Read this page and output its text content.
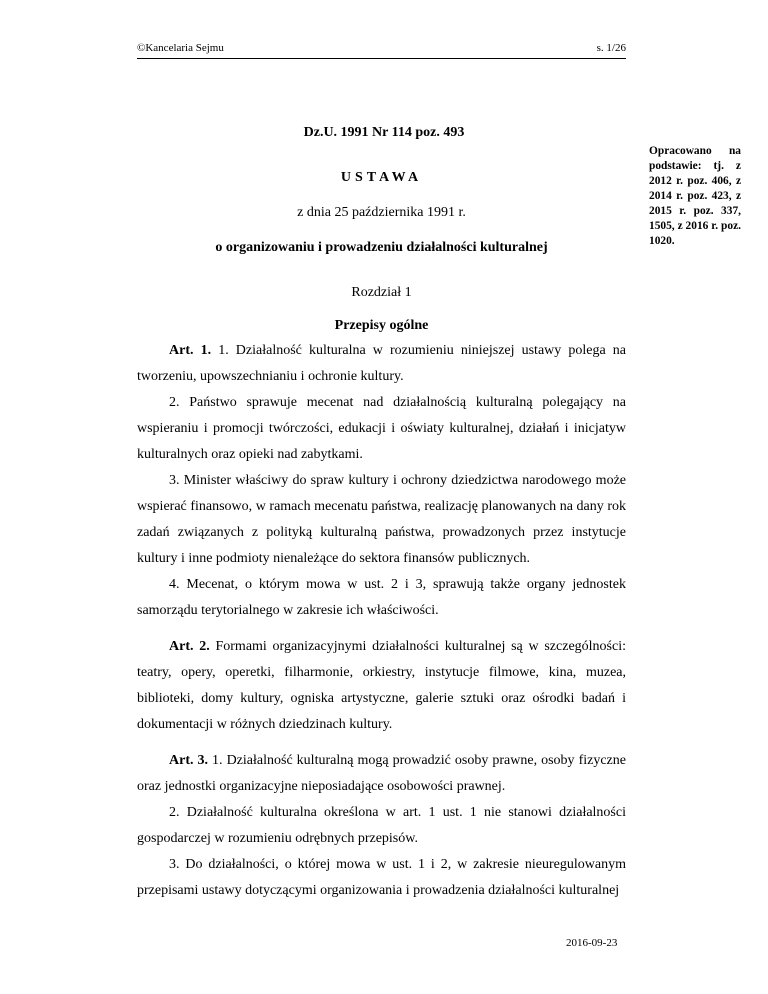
©Kancelaria Sejmu	s. 1/26
Dz.U. 1991 Nr 114 poz. 493
Opracowano na podstawie: tj. z 2012 r. poz. 406, z 2014 r. poz. 423, z 2015 r. poz. 337, 1505, z 2016 r. poz. 1020.
USTAWA
z dnia 25 października 1991 r.
o organizowaniu i prowadzeniu działalności kulturalnej
Rozdział 1
Przepisy ogólne

Art. 1. 1. Działalność kulturalna w rozumieniu niniejszej ustawy polega na tworzeniu, upowszechnianiu i ochronie kultury.

2. Państwo sprawuje mecenat nad działalnością kulturalną polegający na wspieraniu i promocji twórczości, edukacji i oświaty kulturalnej, działań i inicjatyw kulturalnych oraz opieki nad zabytkami.

3. Minister właściwy do spraw kultury i ochrony dziedzictwa narodowego może wspierać finansowo, w ramach mecenatu państwa, realizację planowanych na dany rok zadań związanych z polityką kulturalną państwa, prowadzonych przez instytucje kultury i inne podmioty nienależące do sektora finansów publicznych.

4. Mecenat, o którym mowa w ust. 2 i 3, sprawują także organy jednostek samorządu terytorialnego w zakresie ich właściwości.

Art. 2. Formami organizacyjnymi działalności kulturalnej są w szczególności: teatry, opery, operetki, filharmonie, orkiestry, instytucje filmowe, kina, muzea, biblioteki, domy kultury, ogniska artystyczne, galerie sztuki oraz ośrodki badań i dokumentacji w różnych dziedzinach kultury.

Art. 3. 1. Działalność kulturalną mogą prowadzić osoby prawne, osoby fizyczne oraz jednostki organizacyjne nieposiadające osobowości prawnej.

2. Działalność kulturalna określona w art. 1 ust. 1 nie stanowi działalności gospodarczej w rozumieniu odrębnych przepisów.

3. Do działalności, o której mowa w ust. 1 i 2, w zakresie nieuregulowanym przepisami ustawy dotyczącymi organizowania i prowadzenia działalności kulturalnej

2016-09-23
